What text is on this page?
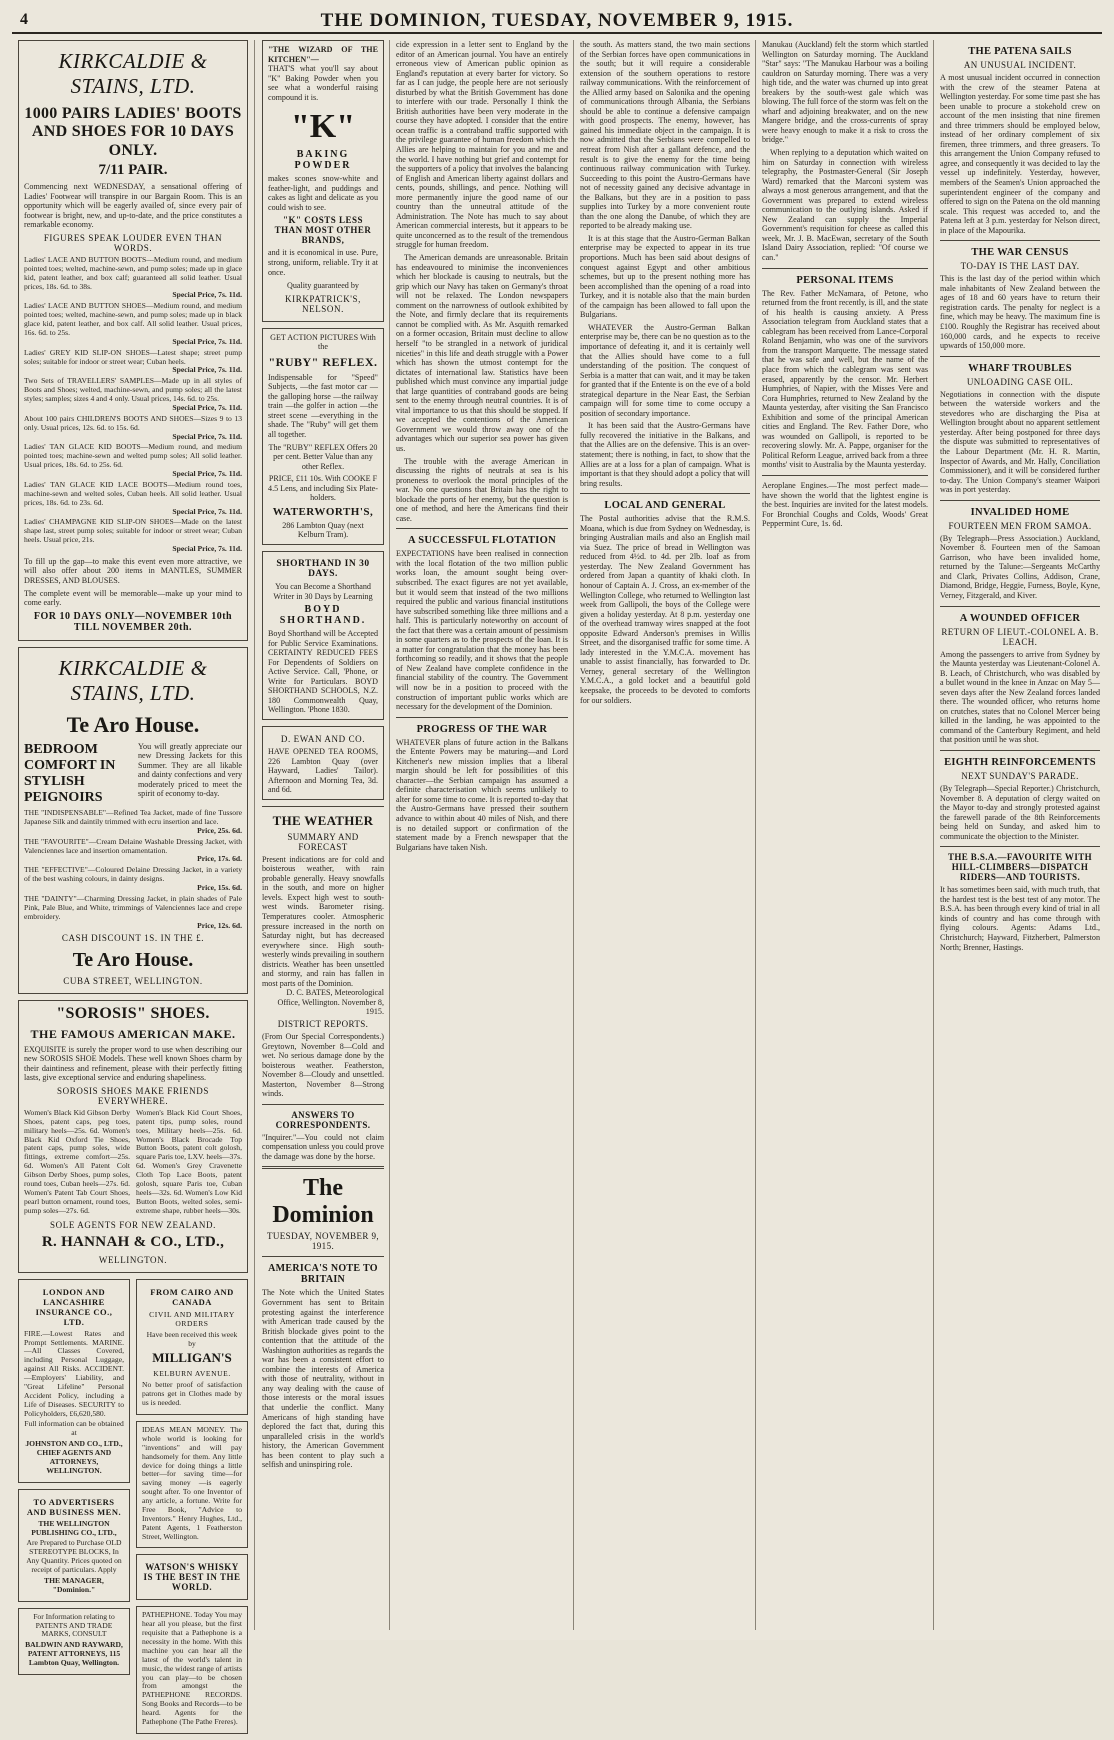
4	THE DOMINION, TUESDAY, NOVEMBER 9, 1915.
KIRKCALDIE & STAINS, LTD.
1000 PAIRS LADIES' BOOTS AND SHOES FOR 10 DAYS ONLY.
7/11 PAIR.
Commencing next WEDNESDAY, a sensational offering of Ladies' Footwear will transpire in our Bargain Room. This is an opportunity which will be eagerly availed of, since every pair of footwear is bright, new, and up-to-date, and the price constitutes a remarkable economy.
FIGURES SPEAK LOUDER EVEN THAN WORDS.
Ladies' LACE AND BUTTON BOOTS—Medium round, and medium pointed toes; welted, machine-sewn, and pump soles; made up in glace kid, patent leather, and box calf; guaranteed all solid leather. Usual prices, 18s. 6d. to 38s.
Special Price, 7s. 11d.
Ladies' LACE AND BUTTON SHOES—Medium round, and medium pointed toes; welted, machine-sewn, and pump soles; made up in black glace kid, patent leather, and box calf. All solid leather. Usual prices, 16s. 6d. to 25s.
Special Price, 7s. 11d.
Ladies' GREY KID SLIP-ON SHOES—Latest shape; street pump soles; suitable for indoor or street wear; Cuban heels.
Special Price, 7s. 11d.
Two Sets of TRAVELLERS' SAMPLES—Made up in all styles of Boots and Shoes; welted, machine-sewn, and pump soles; all the latest styles; samples; sizes 4 and 4 only. Usual prices, 14s. 6d. to 25s.
Special Price, 7s. 11d.
About 100 pairs CHILDREN'S BOOTS AND SHOES—Sizes 9 to 13 only. Usual prices, 12s. 6d. to 15s. 6d.
Special Price, 7s. 11d.
Ladies' TAN GLACE KID BOOTS—Medium round, and medium pointed toes; machine-sewn and welted pump soles; All solid leather. Usual prices, 18s. 6d. to 25s. 6d.
Special Price, 7s. 11d.
Ladies' TAN GLACE KID LACE BOOTS—Medium round toes, machine-sewn and welted soles, Cuban heels. All solid leather. Usual prices, 18s. 6d. to 23s. 6d.
Special Price, 7s. 11d.
Ladies' CHAMPAGNE KID SLIP-ON SHOES—Made on the latest shape last, street pump soles; suitable for indoor or street wear; Cuban heels. Usual price, 21s.
Special Price, 7s. 11d.
To fill up the gap—to make this event even more attractive, we will also offer about 200 items in MANTLES, SUMMER DRESSES, AND BLOUSES.
The complete event will be memorable—make up your mind to come early.
FOR 10 DAYS ONLY—NOVEMBER 10th TILL NOVEMBER 20th.
KIRKCALDIE & STAINS, LTD.
Te Aro House.
BEDROOM COMFORT IN STYLISH PEIGNOIRS
You will greatly appreciate our new Dressing Jackets for this Summer. They are all likable and dainty confections and very moderately priced to meet the spirit of economy to-day.
THE "INDISPENSABLE"—Refined Tea Jacket, made of fine Tussore Japanese Silk and daintily trimmed with ecru insertion and lace.
Price, 25s. 6d.
THE "FAVOURITE"—Cream Delaine Washable Dressing Jacket, with Valenciennes lace and insertion ornamentation.
Price, 17s. 6d.
THE "EFFECTIVE"—Coloured Delaine Dressing Jacket, in a variety of the best washing colours, in dainty designs.
Price, 15s. 6d.
THE "DAINTY"—Charming Dressing Jacket, in plain shades of Pale Pink, Pale Blue, and White, trimmings of Valenciennes lace and crepe embroidery.
Price, 12s. 6d.
CASH DISCOUNT 1S. IN THE £.
Te Aro House.
CUBA STREET, WELLINGTON.
"SOROSIS" SHOES.
THE FAMOUS AMERICAN MAKE.
EXQUISITE is surely the proper word to use when describing our new SOROSIS SHOE Models. These well known Shoes charm by their daintiness and refinement, please with their perfectly fitting lasts, give exceptional service and enduring shapeliness.
SOROSIS SHOES MAKE FRIENDS EVERYWHERE.
Women's Black Kid Gibson Derby Shoes, patent caps, peg toes, military heels—25s. 6d. Women's Black Kid Oxford Tie Shoes, patent caps, pump soles, wide fittings, extreme comfort—25s. 6d. Women's All Patent Colt Gibson Derby Shoes, pump soles, round toes, Cuban heels—27s. 6d. Women's Patent Tab Court Shoes, pearl button ornament, round toes, pump soles—27s. 6d.
Women's Black Kid Court Shoes, patent tips, pump soles, round toes, Military heels—25s. 6d. Women's Black Brocade Top Button Boots, patent colt golosh, square Paris toe, LXV. heels—37s. 6d. Women's Grey Cravenette Cloth Top Lace Boots, patent golosh, square Paris toe, Cuban heels—32s. 6d. Women's Low Kid Button Boots, welted soles, semi-extreme shape, rubber heels—30s.
SOLE AGENTS FOR NEW ZEALAND.
R. HANNAH & CO., LTD.,
WELLINGTON.
LONDON AND LANCASHIRE INSURANCE CO., LTD.
FIRE.—Lowest Rates and Prompt Settlements. MARINE.—All Classes Covered, including Personal Luggage, against All Risks. ACCIDENT.—Employers' Liability, and "Great Lifeline" Personal Accident Policy, including a Life of Diseases. SECURITY to Policyholders, £6,620,580.
Full information can be obtained at
JOHNSTON AND CO., LTD., CHIEF AGENTS AND ATTORNEYS, WELLINGTON.
TO ADVERTISERS AND BUSINESS MEN.
THE WELLINGTON PUBLISHING CO., LTD.,
Are Prepared to Purchase OLD STEREOTYPE BLOCKS, In Any Quantity. Prices quoted on receipt of particulars. Apply
THE MANAGER, "Dominion."
For Information relating to PATENTS AND TRADE MARKS, CONSULT
BALDWIN AND RAYWARD, PATENT ATTORNEYS, 115 Lambton Quay, Wellington.
FROM CAIRO AND CANADA
CIVIL AND MILITARY ORDERS
Have been received this week by
MILLIGAN'S
KELBURN AVENUE.
No better proof of satisfaction patrons get in Clothes made by us is needed.
IDEAS MEAN MONEY. The whole world is looking for "inventions" and will pay handsomely for them. Any little device for doing things a little better—for saving time—for saving money —is eagerly sought after. To one Inventor of any article, a fortune. Write for Free Book, "Advice to Inventors." Henry Hughes, Ltd., Patent Agents, 1 Featherston Street, Wellington.
WATSON'S WHISKY IS THE BEST IN THE WORLD.
PATHEPHONE. Today You may hear all you please, but the first requisite that a Pathephone is a necessity in the home. With this machine you can hear all the latest of the world's talent in music, the widest range of artists you can play—to be chosen from amongst the PATHEPHONE RECORDS. Song Books and Records—to be heard. Agents for the Pathephone (The Pathe Freres).
"THE WIZARD OF THE KITCHEN"—
THAT'S what you'll say about "K" Baking Powder when you see what a wonderful raising compound it is.
"K"
BAKING POWDER
makes scones snow-white and feather-light, and puddings and cakes as light and delicate as you could wish to see.
"K" COSTS LESS THAN MOST OTHER BRANDS,
and it is economical in use. Pure, strong, uniform, reliable. Try it at once.
Quality guaranteed by
KIRKPATRICK'S, NELSON.
GET ACTION PICTURES With the
"RUBY" REFLEX.
Indispensable for "Speed" Subjects, —the fast motor car —the galloping horse —the railway train —the golfer in action —the street scene —everything in the shade. The "Ruby" will get them all together.
The "RUBY" REFLEX Offers 20 per cent. Better Value than any other Reflex.
PRICE, £11 10s. With COOKE F 4.5 Lens, and including Six Plate-holders.
WATERWORTH'S,
286 Lambton Quay (next Kelburn Tram).
SHORTHAND IN 30 DAYS.
You can Become a Shorthand Writer in 30 Days by Learning
BOYD SHORTHAND.
Boyd Shorthand will be Accepted for Public Service Examinations. CERTAINTY REDUCED FEES For Dependents of Soldiers on Active Service. Call, 'Phone, or Write for Particulars. BOYD SHORTHAND SCHOOLS, N.Z. 180 Commonwealth Quay, Wellington. 'Phone 1830.
D. EWAN AND CO.
HAVE OPENED TEA ROOMS, 226 Lambton Quay (over Hayward, Ladies' Tailor). Afternoon and Morning Tea, 3d. and 6d.
THE WEATHER
SUMMARY AND FORECAST
Present indications are for cold and boisterous weather, with rain probable generally. Heavy snowfalls in the south, and more on higher levels. Expect high west to south-west winds. Barometer rising. Temperatures cooler. Atmospheric pressure increased in the north on Saturday night, but has decreased everywhere since. High south-westerly winds prevailing in southern districts. Weather has been unsettled and stormy, and rain has fallen in most parts of the Dominion.
D. C. BATES, Meteorological Office, Wellington. November 8, 1915.
DISTRICT REPORTS.
(From Our Special Correspondents.) Greytown, November 8—Cold and wet. No serious damage done by the boisterous weather. Featherston, November 8—Cloudy and unsettled. Masterton, November 8—Strong winds.
ANSWERS TO CORRESPONDENTS.
"Inquirer."—You could not claim compensation unless you could prove the damage was done by the horse.
The Dominion
TUESDAY, NOVEMBER 9, 1915.
AMERICA'S NOTE TO BRITAIN
The Note which the United States Government has sent to Britain protesting against the interference with American trade caused by the British blockade gives point to the contention that the attitude of the Washington authorities as regards the war has been a consistent effort to combine the interests of America with those of neutrality, without in any way dealing with the cause of those interests or the moral issues that underlie the conflict. Many Americans of high standing have deplored the fact that, during this unparalleled crisis in the world's history, the American Government has been content to play such a selfish and uninspiring role.
cide expression in a letter sent to England by the editor of an American journal. You have an entirely erroneous view of American public opinion as England's reputation at every barter for victory. So far as I can judge, the people here are not seriously disturbed by what the British Government has done to interfere with our trade. Personally I think the British authorities have been very moderate in the course they have adopted. I consider that the entire ocean traffic is a contraband traffic supported with the privilege guarantee of human freedom which the Allies are helping to maintain for you and me and the world. I have nothing but grief and contempt for the supporters of a policy that involves the balancing of English and American liberty against dollars and cents, pounds, shillings, and pence. Nothing will more permanently injure the good name of our country than the unneutral attitude of the Administration. The Note has much to say about American commercial interests, but it appears to be quite unconcerned as to the result of the tremendous struggle for human freedom.
The American demands are unreasonable. Britain has endeavoured to minimise the inconveniences which her blockade is causing to neutrals, but the grip which our Navy has taken on Germany's throat will not be relaxed. The London newspapers comment on the narrowness of outlook exhibited by the Note, and firmly declare that its requirements cannot be complied with. As Mr. Asquith remarked on a former occasion, Britain must decline to allow herself "to be strangled in a network of juridical niceties" in this life and death struggle with a Power which has shown the utmost contempt for the dictates of international law. Statistics have been published which must convince any impartial judge that large quantities of contraband goods are being sent to the enemy through neutral countries. It is of vital importance to us that this should be stopped. If we accepted the contentions of the American Government we would throw away one of the advantages which our superior sea power has given us.
The trouble with the average American in discussing the rights of neutrals at sea is his proneness to overlook the moral principles of the war. No one questions that Britain has the right to blockade the ports of her enemy, but the question is one of method, and here the Americans find their case.
A SUCCESSFUL FLOTATION
EXPECTATIONS have been realised in connection with the local flotation of the two million public works loan, the amount sought being over-subscribed. The exact figures are not yet available, but it would seem that instead of the two millions required the public and various financial institutions have subscribed something like three millions and a half. This is particularly noteworthy on account of the fact that there was a certain amount of pessimism in some quarters as to the prospects of the loan. It is a matter for congratulation that the money has been forthcoming so readily, and it shows that the people of New Zealand have complete confidence in the financial stability of the country. The Government will now be in a position to proceed with the construction of important public works which are necessary for the development of the Dominion.
PROGRESS OF THE WAR
WHATEVER plans of future action in the Balkans the Entente Powers may be maturing—and Lord Kitchener's new mission implies that a liberal margin should be left for possibilities of this character—the Serbian campaign has assumed a definite characterisation which seems unlikely to alter for some time to come. It is reported to-day that the Austro-Germans have pressed their southern advance to within about 40 miles of Nish, and there is no detailed support or confirmation of the statement made by a French newspaper that the Bulgarians have taken Nish.
the south. As matters stand, the two main sections of the Serbian forces have open communications in the south; but it will require a considerable extension of the southern operations to restore railway communications. With the reinforcement of the Allied army based on Salonika and the opening of communications through Albania, the Serbians should be able to continue a defensive campaign with good prospects. The enemy, however, has gained his immediate object in the campaign. It is now admitted that the Serbians were compelled to retreat from Nish after a gallant defence, and the result is to give the enemy for the time being continuous railway communication with Turkey. Succeeding to this point the Austro-Germans have not of necessity gained any decisive advantage in the Balkans, but they are in a position to pass supplies into Turkey by a more convenient route than the one along the Danube, of which they are reported to be already making use.
It is at this stage that the Austro-German Balkan enterprise may be expected to appear in its true proportions. Much has been said about designs of conquest against Egypt and other ambitious schemes, but up to the present nothing more has been accomplished than the opening of a road into Turkey, and it is notable also that the main burden of the campaign has been allowed to fall upon the Bulgarians.
WHATEVER the Austro-German Balkan enterprise may be, there can be no question as to the importance of defeating it, and it is certainly well that the Allies should have come to a full understanding of the position. The conquest of Serbia is a matter that can wait, and it may be taken for granted that if the Entente is on the eve of a bold strategical departure in the Near East, the Serbian campaign will for some time to come occupy a position of secondary importance.
It has been said that the Austro-Germans have fully recovered the initiative in the Balkans, and that the Allies are on the defensive. This is an over-statement; there is nothing, in fact, to show that the Allies are at a loss for a plan of campaign. What is important is that they should adopt a policy that will bring results.
LOCAL AND GENERAL
The Postal authorities advise that the R.M.S. Moana, which is due from Sydney on Wednesday, is bringing Australian mails and also an English mail via Suez. The price of bread in Wellington was reduced from 4½d. to 4d. per 2lb. loaf as from yesterday. The New Zealand Government has ordered from Japan a quantity of khaki cloth. In honour of Captain A. J. Cross, an ex-member of the Wellington College, who returned to Wellington last week from Gallipoli, the boys of the College were given a holiday yesterday. At 8 p.m. yesterday one of the overhead tramway wires snapped at the foot opposite Edward Anderson's premises in Willis Street, and the disorganised traffic for some time. A lady interested in the Y.M.C.A. movement has unable to assist financially, has forwarded to Dr. Verney, general secretary of the Wellington Y.M.C.A., a gold locket and a beautiful gold keepsake, the proceeds to be devoted to comforts for our soldiers.
Manukau (Auckland) felt the storm which startled Wellington on Saturday morning. The Auckland "Star" says: "The Manukau Harbour was a boiling cauldron on Saturday morning. There was a very high tide, and the water was churned up into great breakers by the south-west gale which was blowing. The full force of the storm was felt on the wharf and adjoining breakwater, and on the new Mangere bridge, and the cross-currents of spray were heavy enough to make it a risk to cross the bridge."
When replying to a deputation which waited on him on Saturday in connection with wireless telegraphy, the Postmaster-General (Sir Joseph Ward) remarked that the Marconi system was always a most generous arrangement, and that the Government was prepared to extend wireless communication to the outlying islands. Asked if New Zealand can supply the Imperial Government's requisition for cheese as called this week, Mr. J. B. MacEwan, secretary of the South Island Dairy Association, replied: "Of course we can."
PERSONAL ITEMS
The Rev. Father McNamara, of Petone, who returned from the front recently, is ill, and the state of his health is causing anxiety. A Press Association telegram from Auckland states that a cablegram has been received from Lance-Corporal Roland Benjamin, who was one of the survivors from the transport Marquette. The message stated that he was safe and well, but the name of the place from which the cablegram was sent was erased, apparently by the censor. Mr. Herbert Humphries, of Napier, with the Misses Vere and Cora Humphries, returned to New Zealand by the Maunta yesterday, after visiting the San Francisco Exhibition and some of the principal American cities and England. The Rev. Father Dore, who was wounded on Gallipoli, is reported to be recovering slowly. Mr. A. Pappe, organiser for the Political Reform League, arrived back from a three months' visit to Australia by the Maunta yesterday.
Aeroplane Engines.—The most perfect made—have shown the world that the lightest engine is the best. Inquiries are invited for the latest models. For Bronchial Coughs and Colds, Woods' Great Peppermint Cure, 1s. 6d.
THE PATENA SAILS
AN UNUSUAL INCIDENT.
A most unusual incident occurred in connection with the crew of the steamer Patena at Wellington yesterday. For some time past she has been unable to procure a stokehold crew on account of the men insisting that nine firemen and three trimmers should be employed below, instead of her ordinary complement of six firemen, three trimmers, and three greasers. To this arrangement the Union Company refused to agree, and consequently it was decided to lay the vessel up indefinitely. Yesterday, however, members of the Seamen's Union approached the superintendent engineer of the company and offered to sign on the Patena on the old manning scale. This request was acceded to, and the Patena left at 3 p.m. yesterday for Nelson direct, in place of the Mapourika.
THE WAR CENSUS
TO-DAY IS THE LAST DAY.
This is the last day of the period within which male inhabitants of New Zealand between the ages of 18 and 60 years have to return their registration cards. The penalty for neglect is a fine, which may be heavy. The maximum fine is £100. Roughly the Registrar has received about 160,000 cards, and he expects to receive upwards of 150,000 more.
WHARF TROUBLES
UNLOADING CASE OIL.
Negotiations in connection with the dispute between the waterside workers and the stevedores who are discharging the Pisa at Wellington brought about no apparent settlement yesterday. After being postponed for three days the dispute was submitted to representatives of the Labour Department (Mr. H. R. Martin, Inspector of Awards, and Mr. Hally, Conciliation Commissioner), and it will be considered further to-day. The Union Company's steamer Waipori was in port yesterday.
INVALIDED HOME
FOURTEEN MEN FROM SAMOA.
(By Telegraph—Press Association.) Auckland, November 8. Fourteen men of the Samoan Garrison, who have been invalided home, returned by the Talune:—Sergeants McCarthy and Clark, Privates Collins, Addison, Crane, Diamond, Bridge, Heggie, Furness, Boyle, Kyne, Verney, Fitzgerald, and Kiver.
A WOUNDED OFFICER
RETURN OF LIEUT.-COLONEL A. B. LEACH.
Among the passengers to arrive from Sydney by the Maunta yesterday was Lieutenant-Colonel A. B. Leach, of Christchurch, who was disabled by a bullet wound in the knee in Anzac on May 5—seven days after the New Zealand forces landed there. The wounded officer, who returns home on crutches, states that no Colonel Mercer being killed in the landing, he was appointed to the command of the Canterbury Regiment, and held that position until he was shot.
EIGHTH REINFORCEMENTS
NEXT SUNDAY'S PARADE.
(By Telegraph—Special Reporter.) Christchurch, November 8. A deputation of clergy waited on the Mayor to-day and strongly protested against the farewell parade of the 8th Reinforcements being held on Sunday, and asked him to communicate the objection to the Minister.
THE B.S.A.—FAVOURITE WITH HILL-CLIMBERS—DISPATCH RIDERS—AND TOURISTS.
It has sometimes been said, with much truth, that the hardest test is the best test of any motor. The B.S.A. has been through every kind of trial in all kinds of country and has come through with flying colours. Agents: Adams Ltd., Christchurch; Hayward, Fitzherbert, Palmerston North; Brenner, Hastings.
